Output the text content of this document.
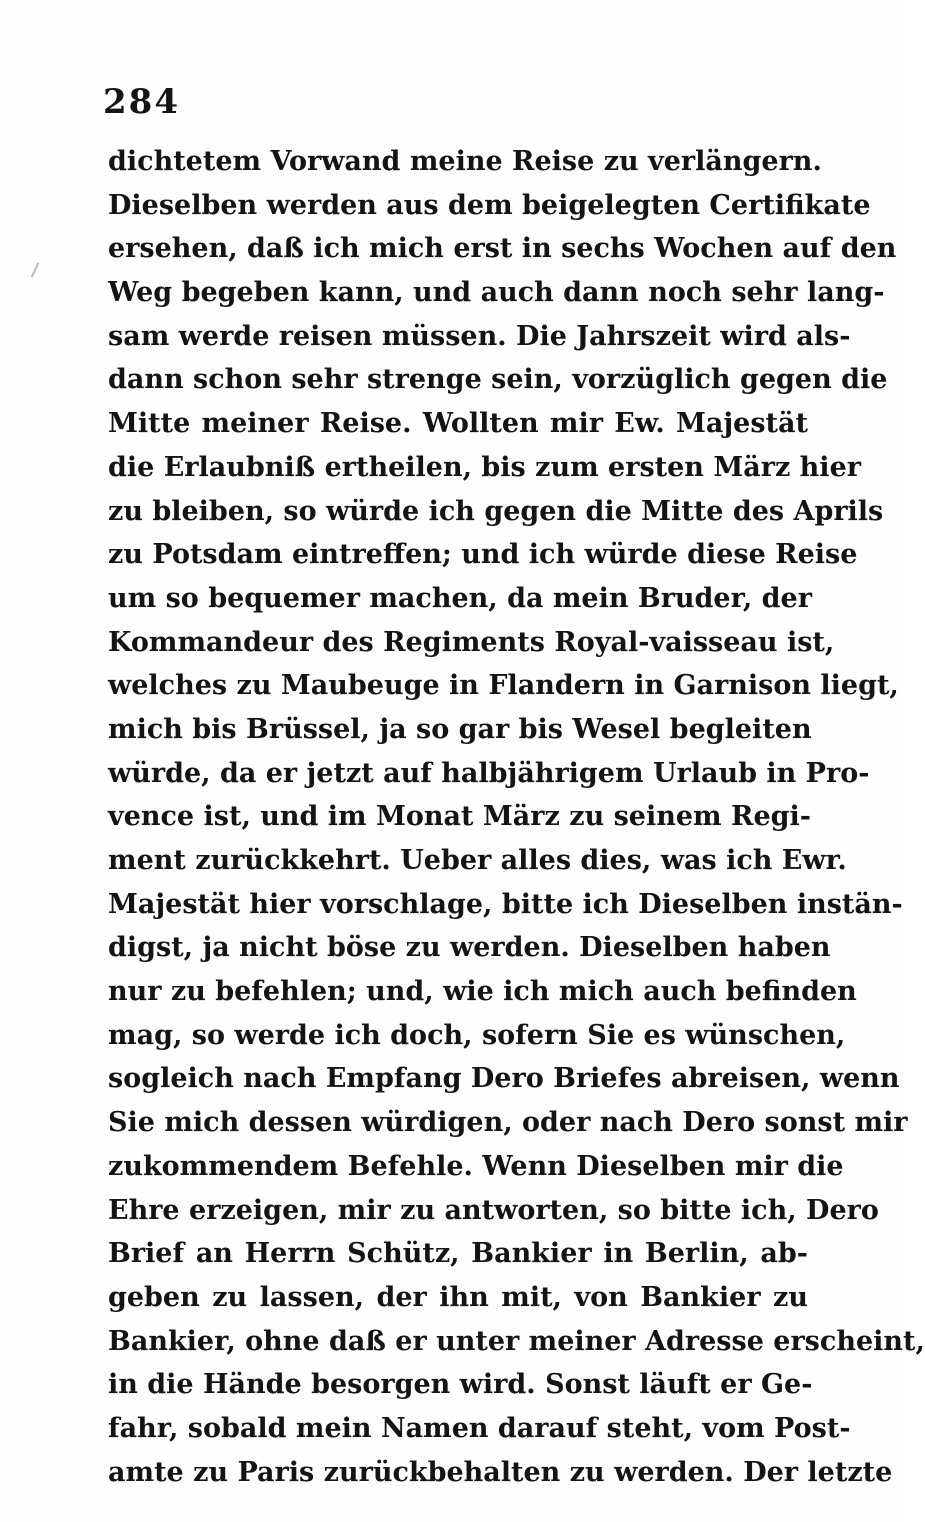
284
dichtetem Vorwand meine Reise zu verlängern.
Dieselben werden aus dem beigelegten Certifikate
ersehen, daß ich mich erst in sechs Wochen auf den
Weg begeben kann, und auch dann noch sehr lang-
sam werde reisen müssen. Die Jahrszeit wird als-
dann schon sehr strenge sein, vorzüglich gegen die
Mitte meiner Reise. Wollten mir Ew. Majestät
die Erlaubniß ertheilen, bis zum ersten März hier
zu bleiben, so würde ich gegen die Mitte des Aprils
zu Potsdam eintreffen; und ich würde diese Reise
um so bequemer machen, da mein Bruder, der
Kommandeur des Regiments Royal-vaisseau ist,
welches zu Maubeuge in Flandern in Garnison liegt,
mich bis Brüssel, ja so gar bis Wesel begleiten
würde, da er jetzt auf halbjährigem Urlaub in Pro-
vence ist, und im Monat März zu seinem Regi-
ment zurückkehrt. Ueber alles dies, was ich Ewr.
Majestät hier vorschlage, bitte ich Dieselben instän-
digst, ja nicht böse zu werden. Dieselben haben
nur zu befehlen; und, wie ich mich auch befinden
mag, so werde ich doch, sofern Sie es wünschen,
sogleich nach Empfang Dero Briefes abreisen, wenn
Sie mich dessen würdigen, oder nach Dero sonst mir
zukommendem Befehle. Wenn Dieselben mir die
Ehre erzeigen, mir zu antworten, so bitte ich, Dero
Brief an Herrn Schütz, Bankier in Berlin, ab-
geben zu lassen, der ihn mit, von Bankier zu
Bankier, ohne daß er unter meiner Adresse erscheint,
in die Hände besorgen wird. Sonst läuft er Ge-
fahr, sobald mein Namen darauf steht, vom Post-
amte zu Paris zurückbehalten zu werden. Der letzte
